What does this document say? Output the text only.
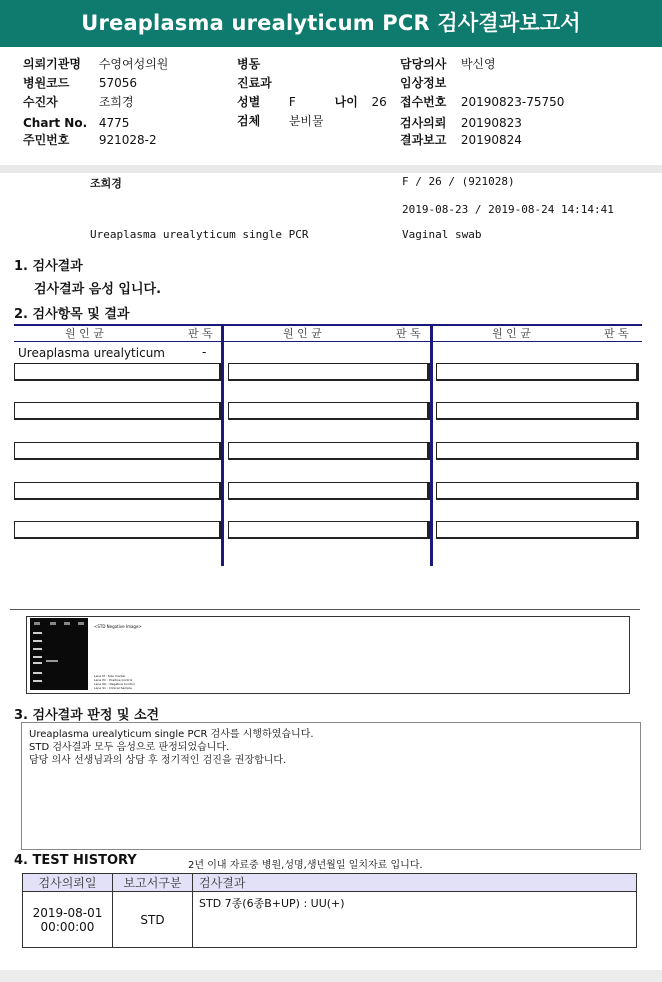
Ureaplasma urealyticum PCR 검사결과보고서
의뢰기관명 수영여성의원
병원코드 57056
수진자	조희경
Chart No. 4775
주민번호 921028-2
병동
진료과
성별 F	나이 26
검체 분비물
담당의사 박신영
임상정보
접수번호 20190823-75750
검사의뢰 20190823
결과보고 20190824
조희경	F / 26 / (921028)
2019-08-23 / 2019-08-24 14:14:41
Ureaplasma urealyticum single PCR	Vaginal swab
1. 검사결과
검사결과 음성 입니다.
2. 검사항목 및 결과
원 인 균	판 독	원 인 균	판 독	원 인 균	판 독
Ureaplasma urealyticum	-
<STD Negative Image>
Lane M : Size marker
Lane PC : Positive Control
Lane NC : Negative Control
Lane Sx : Clinical Sample
3. 검사결과 판정 및 소견
Ureaplasma urealyticum single PCR 검사를 시행하였습니다.
STD 검사결과 모두 음성으로 판정되었습니다.
담당 의사 선생님과의 상담 후 정기적인 검진을 권장합니다.
4. TEST HISTORY	2년 이내 자료중 병원,성명,생년월일 일치자료 입니다.
검사의뢰일	보고서구분	검사결과

2019-08-01
00:00:00	STD	STD 7종(6종B+UP) : UU(+)
